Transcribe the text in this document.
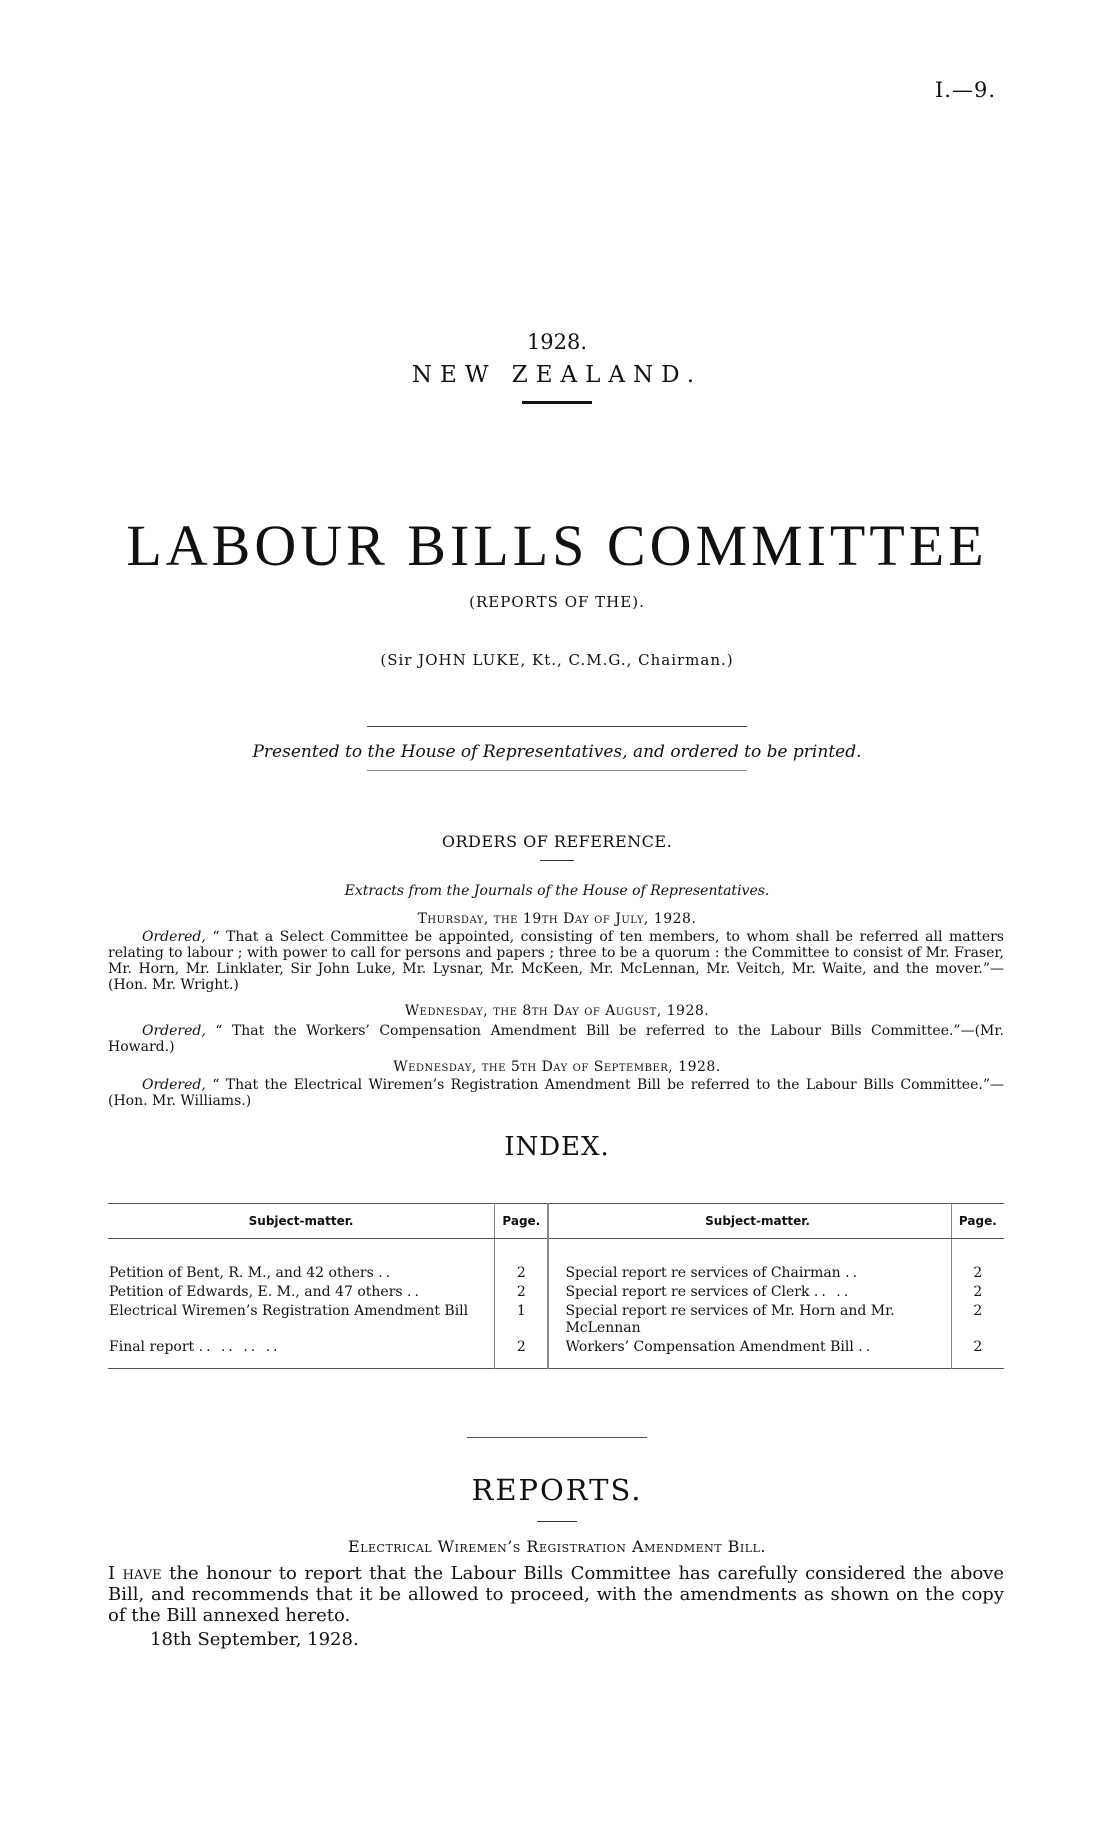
I.—9.
1928.
NEW ZEALAND.
LABOUR BILLS COMMITTEE
(REPORTS OF THE).
(Sir JOHN LUKE, Kt., C.M.G., Chairman.)
Presented to the House of Representatives, and ordered to be printed.
ORDERS OF REFERENCE.
Extracts from the Journals of the House of Representatives.
Thursday, the 19th Day of July, 1928.
Ordered, “ That a Select Committee be appointed, consisting of ten members, to whom shall be referred all matters relating to labour ; with power to call for persons and papers ; three to be a quorum : the Committee to consist of Mr. Fraser, Mr. Horn, Mr. Linklater, Sir John Luke, Mr. Lysnar, Mr. McKeen, Mr. McLennan, Mr. Veitch, Mr. Waite, and the mover.”—(Hon. Mr. Wright.)
Wednesday, the 8th Day of August, 1928.
Ordered, “ That the Workers’ Compensation Amendment Bill be referred to the Labour Bills Committee.”—(Mr. Howard.)
Wednesday, the 5th Day of September, 1928.
Ordered, “ That the Electrical Wiremen’s Registration Amendment Bill be referred to the Labour Bills Committee.”—(Hon. Mr. Williams.)
INDEX.
Subject-matter.	Page.	Subject-matter.	Page.
Petition of Bent, R. M., and 42 others ..	2	Special report re services of Chairman ..	2
Petition of Edwards, E. M., and 47 others ..	2	Special report re services of Clerk .. ..	2
Electrical Wiremen’s Registration Amendment Bill	1	Special report re services of Mr. Horn and Mr. McLennan	2
Final report .. .. .. ..	2	Workers’ Compensation Amendment Bill ..	2
REPORTS.
Electrical Wiremen’s Registration Amendment Bill.
I have the honour to report that the Labour Bills Committee has carefully considered the above Bill, and recommends that it be allowed to proceed, with the amendments as shown on the copy of the Bill annexed hereto.
18th September, 1928.
